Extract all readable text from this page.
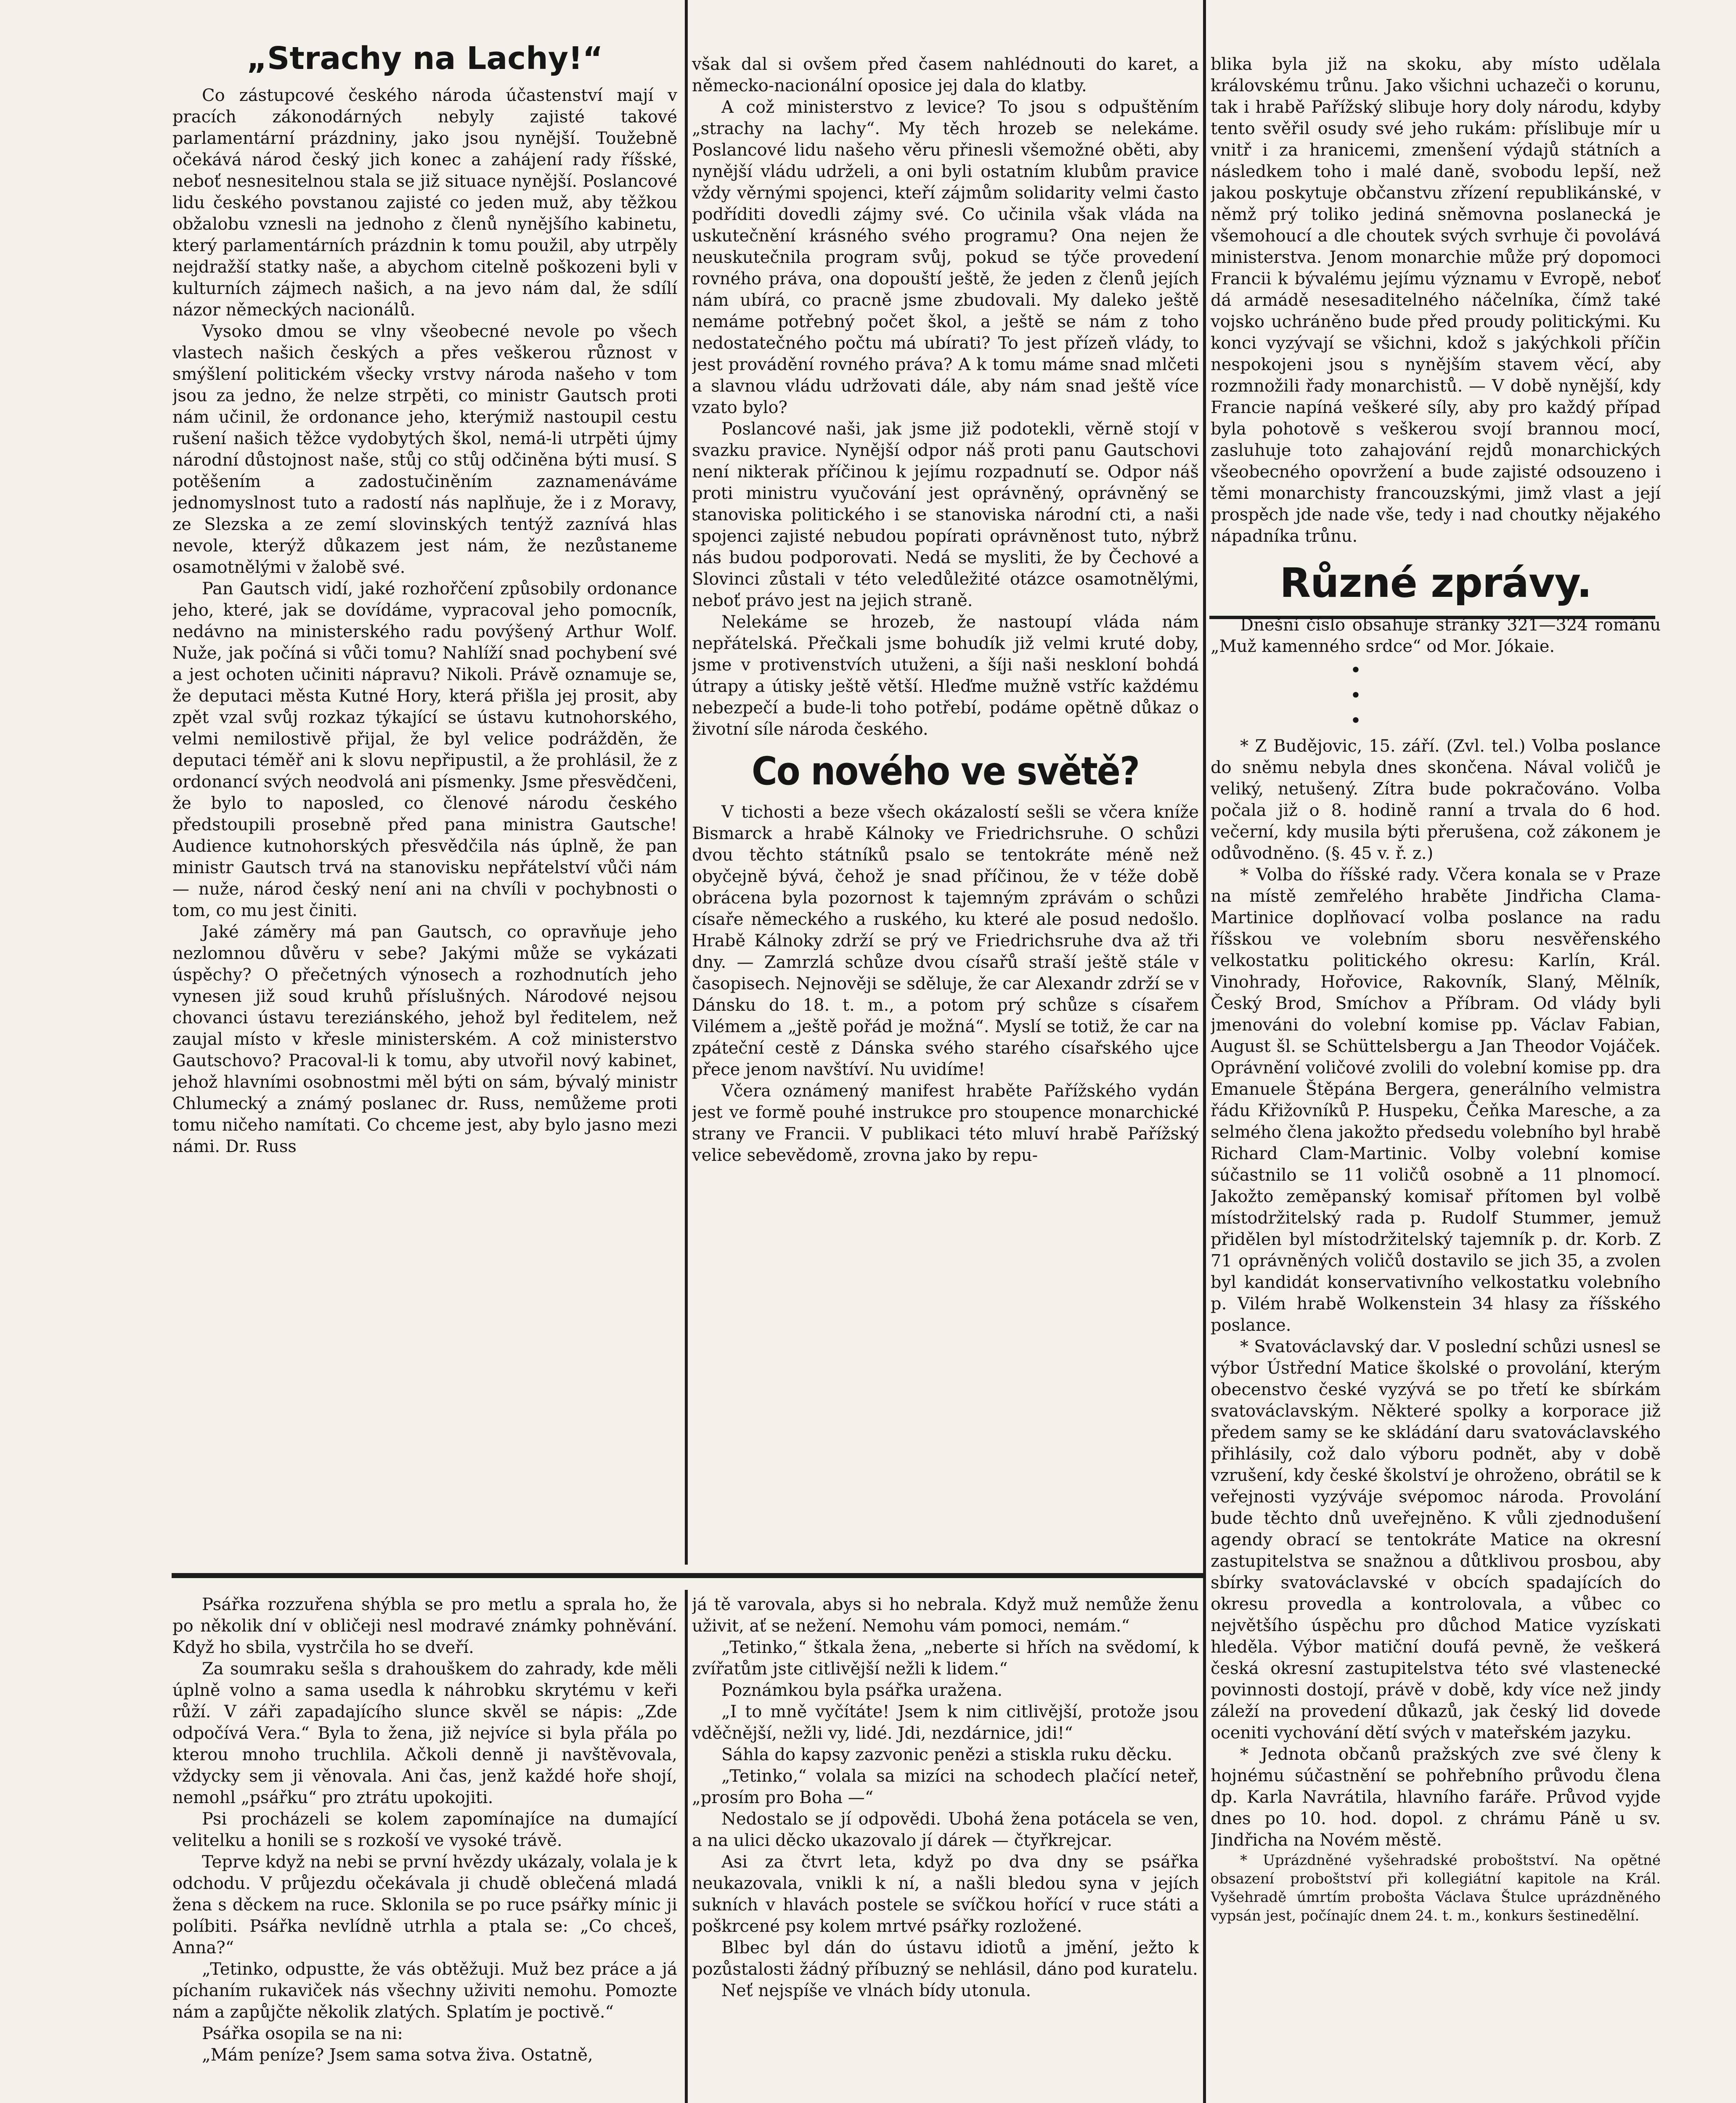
„Strachy na Lachy!“

Co zástupcové českého národa účastenství mají v pracích zákonodárných nebyly zajisté takové parlamentární prázdniny, jako jsou nynější. Toužebně očekává národ český jich konec a zahájení rady říšské, neboť nesnesitelnou stala se již situace nynější. Poslancové lidu českého povstanou zajisté co jeden muž, aby těžkou obžalobu vznesli na jednoho z členů nynějšího kabinetu, který parlamentárních prázdnin k tomu použil, aby utrpěly nejdražší statky naše, a abychom citelně poškozeni byli v kulturních zájmech našich, a na jevo nám dal, že sdílí názor německých nacionálů.

Vysoko dmou se vlny všeobecné nevole po všech vlastech našich českých a přes veškerou různost v smýšlení politickém všecky vrstvy národa našeho v tom jsou za jedno, že nelze strpěti, co ministr Gautsch proti nám učinil, že ordonance jeho, kterýmiž nastoupil cestu rušení našich těžce vydobytých škol, nemá-li utrpěti újmy národní důstojnost naše, stůj co stůj odčiněna býti musí. S potěšením a zadostučiněním zaznamenáváme jednomyslnost tuto a radostí nás naplňuje, že i z Moravy, ze Slezska a ze zemí slovinských tentýž zaznívá hlas nevole, kterýž důkazem jest nám, že nezůstaneme osamotnělými v žalobě své.

Pan Gautsch vidí, jaké rozhořčení způsobily ordonance jeho, které, jak se dovídáme, vypracoval jeho pomocník, nedávno na ministerského radu povýšený Arthur Wolf. Nuže, jak počíná si vůči tomu? Nahlíží snad pochybení své a jest ochoten učiniti nápravu? Nikoli. Právě oznamuje se, že deputaci města Kutné Hory, která přišla jej prosit, aby zpět vzal svůj rozkaz týkající se ústavu kutnohorského, velmi nemilostivě přijal, že byl velice podrážděn, že deputaci téměř ani k slovu nepřipustil, a že prohlásil, že z ordonancí svých neodvolá ani písmenky. Jsme přesvědčeni, že bylo to naposled, co členové národu českého předstoupili prosebně před pana ministra Gautsche! Audience kutnohorských přesvědčila nás úplně, že pan ministr Gautsch trvá na stanovisku nepřátelství vůči nám — nuže, národ český není ani na chvíli v pochybnosti o tom, co mu jest činiti.

Jaké záměry má pan Gautsch, co opravňuje jeho nezlomnou důvěru v sebe? Jakými může se vykázati úspěchy? O přečetných výnosech a rozhodnutích jeho vynesen již soud kruhů příslušných. Národové nejsou chovanci ústavu tereziánského, jehož byl ředitelem, než zaujal místo v křesle ministerském. A což ministerstvo Gautschovo? Pracoval-li k tomu, aby utvořil nový kabinet, jehož hlavními osobnostmi měl býti on sám, bývalý ministr Chlumecký a známý poslanec dr. Russ, nemůžeme proti tomu ničeho namítati. Co chceme jest, aby bylo jasno mezi námi. Dr. Russ

však dal si ovšem před časem nahlédnouti do karet, a německo-nacionální oposice jej dala do klatby.

A což ministerstvo z levice? To jsou s odpuštěním „strachy na lachy“. My těch hrozeb se nelekáme. Poslancové lidu našeho věru přinesli všemožné oběti, aby nynější vládu udrželi, a oni byli ostatním klubům pravice vždy věrnými spojenci, kteří zájmům solidarity velmi často podříditi dovedli zájmy své. Co učinila však vláda na uskutečnění krásného svého programu? Ona nejen že neuskutečnila program svůj, pokud se týče provedení rovného práva, ona dopouští ještě, že jeden z členů jejích nám ubírá, co pracně jsme zbudovali. My daleko ještě nemáme potřebný počet škol, a ještě se nám z toho nedostatečného počtu má ubírati? To jest přízeň vlády, to jest provádění rovného práva? A k tomu máme snad mlčeti a slavnou vládu udržovati dále, aby nám snad ještě více vzato bylo?

Poslancové naši, jak jsme již podotekli, věrně stojí v svazku pravice. Nynější odpor náš proti panu Gautschovi není nikterak příčinou k jejímu rozpadnutí se. Odpor náš proti ministru vyučování jest oprávněný, oprávněný se stanoviska politického i se stanoviska národní cti, a naši spojenci zajisté nebudou popírati oprávněnost tuto, nýbrž nás budou podporovati. Nedá se mysliti, že by Čechové a Slovinci zůstali v této veledůležité otázce osamotnělými, neboť právo jest na jejich straně.

Nelekáme se hrozeb, že nastoupí vláda nám nepřátelská. Přečkali jsme bohudík již velmi kruté doby, jsme v protivenstvích utuženi, a šíji naši neskloní bohdá útrapy a útisky ještě větší. Hleďme mužně vstříc každému nebezpečí a bude-li toho potřebí, podáme opětně důkaz o životní síle národa českého.

Co nového ve světě?

V tichosti a beze všech okázalostí sešli se včera kníže Bismarck a hrabě Kálnoky ve Friedrichsruhe. O schůzi dvou těchto státníků psalo se tentokráte méně než obyčejně bývá, čehož je snad příčinou, že v téže době obrácena byla pozornost k tajemným zprávám o schůzi císaře německého a ruského, ku které ale posud nedošlo. Hrabě Kálnoky zdrží se prý ve Friedrichsruhe dva až tři dny. — Zamrzlá schůze dvou císařů straší ještě stále v časopisech. Nejnověji se sděluje, že car Alexandr zdrží se v Dánsku do 18. t. m., a potom prý schůze s císařem Vilémem a „ještě pořád je možná“. Myslí se totiž, že car na zpáteční cestě z Dánska svého starého císařského ujce přece jenom navštíví. Nu uvidíme!

Včera oznámený manifest hraběte Pařížského vydán jest ve formě pouhé instrukce pro stoupence monarchické strany ve Francii. V publikaci této mluví hrabě Pařížský velice sebevědomě, zrovna jako by repu-

blika byla již na skoku, aby místo udělala královskému trůnu. Jako všichni uchazeči o korunu, tak i hrabě Pařížský slibuje hory doly národu, kdyby tento svěřil osudy své jeho rukám: příslibuje mír u vnitř i za hranicemi, zmenšení výdajů státních a následkem toho i malé daně, svobodu lepší, než jakou poskytuje občanstvu zřízení republikánské, v němž prý toliko jediná sněmovna poslanecká je všemohoucí a dle choutek svých svrhuje či povolává ministerstva. Jenom monarchie může prý dopomoci Francii k bývalému jejímu významu v Evropě, neboť dá armádě nesesaditelného náčelníka, čímž také vojsko uchráněno bude před proudy politickými. Ku konci vyzývají se všichni, kdož s jakýchkoli příčin nespokojeni jsou s nynějším stavem věcí, aby rozmnožili řady monarchistů. — V době nynější, kdy Francie napíná veškeré síly, aby pro každý případ byla pohotově s veškerou svojí brannou mocí, zasluhuje toto zahajování rejdů monarchických všeobecného opovržení a bude zajisté odsouzeno i těmi monarchisty francouzskými, jimž vlast a její prospěch jde nade vše, tedy i nad choutky nějakého nápadníka trůnu.

Různé zprávy.

Dnešní číslo obsahuje stránky 321—324 románu „Muž kamenného srdce“ od Mor. Jókaie.

• • •

* Z Budějovic, 15. září. (Zvl. tel.) Volba poslance do sněmu nebyla dnes skončena. Nával voličů je veliký, netušený. Zítra bude pokračováno. Volba počala již o 8. hodině ranní a trvala do 6 hod. večerní, kdy musila býti přerušena, což zákonem je odůvodněno. (§. 45 v. ř. z.)

* Volba do říšské rady. Včera konala se v Praze na místě zemřelého hraběte Jindřicha Clama-Martinice doplňovací volba poslance na radu říšskou ve volebním sboru nesvěřenského velkostatku politického okresu: Karlín, Král. Vinohrady, Hořovice, Rakovník, Slaný, Mělník, Český Brod, Smíchov a Příbram. Od vlády byli jmenováni do volební komise pp. Václav Fabian, August šl. se Schüttelsbergu a Jan Theodor Vojáček. Oprávnění voličové zvolili do volební komise pp. dra Emanuele Štěpána Bergera, generálního velmistra řádu Křižovníků P. Huspeku, Čeňka Maresche, a za selmého člena jakožto předsedu volebního byl hrabě Richard Clam-Martinic. Volby volební komise súčastnilo se 11 voličů osobně a 11 plnomocí. Jakožto zeměpanský komisař přítomen byl volbě místodržitelský rada p. Rudolf Stummer, jemuž přidělen byl místodržitelský tajemník p. dr. Korb. Z 71 oprávněných voličů dostavilo se jich 35, a zvolen byl kandidát konservativního velkostatku volebního p. Vilém hrabě Wolkenstein 34 hlasy za říšského poslance.

* Svatováclavský dar. V poslední schůzi usnesl se výbor Ústřední Matice školské o provolání, kterým obecenstvo české vyzývá se po třetí ke sbírkám svatováclavským. Některé spolky a korporace již předem samy se ke skládání daru svatováclavského přihlásily, což dalo výboru podnět, aby v době vzrušení, kdy české školství je ohroženo, obrátil se k veřejnosti vyzýváje svépomoc národa. Provolání bude těchto dnů uveřejněno. K vůli zjednodušení agendy obrací se tentokráte Matice na okresní zastupitelstva se snažnou a důtklivou prosbou, aby sbírky svatováclavské v obcích spadajících do okresu provedla a kontrolovala, a vůbec co největšího úspěchu pro důchod Matice vyzískati hleděla. Výbor matiční doufá pevně, že veškerá česká okresní zastupitelstva této své vlastenecké povinnosti dostojí, právě v době, kdy více než jindy záleží na provedení důkazů, jak český lid dovede oceniti vychování dětí svých v mateřském jazyku.

* Jednota občanů pražských zve své členy k hojnému súčastnění se pohřebního průvodu člena dp. Karla Navrátila, hlavního faráře. Průvod vyjde dnes po 10. hod. dopol. z chrámu Páně u sv. Jindřicha na Novém městě.

* Uprázdněné vyšehradské proboštství. Na opětné obsazení proboštství při kollegiátní kapitole na Král. Vyšehradě úmrtím probošta Václava Štulce uprázdněného vypsán jest, počínajíc dnem 24. t. m., konkurs šestinedělní.

Psářka rozzuřena shýbla se pro metlu a sprala ho, že po několik dní v obličeji nesl modravé známky pohněvání. Když ho sbila, vystrčila ho se dveří.

Za soumraku sešla s drahouškem do zahrady, kde měli úplně volno a sama usedla k náhrobku skrytému v keři růží. V záři zapadajícího slunce skvěl se nápis: „Zde odpočívá Vera.“ Byla to žena, již nejvíce si byla přála po kterou mnoho truchlila. Ačkoli denně ji navštěvovala, vždycky sem ji věnovala. Ani čas, jenž každé hoře shojí, nemohl „psářku“ pro ztrátu upokojiti.

Psi procházeli se kolem zapomínajíce na dumající velitelku a honili se s rozkoší ve vysoké trávě.

Teprve když na nebi se první hvězdy ukázaly, volala je k odchodu. V průjezdu očekávala ji chudě oblečená mladá žena s děckem na ruce. Sklonila se po ruce psářky mínic ji políbiti. Psářka nevlídně utrhla a ptala se: „Co chceš, Anna?“

„Tetinko, odpustte, že vás obtěžuji. Muž bez práce a já píchaním rukaviček nás všechny uživiti nemohu. Pomozte nám a zapůjčte několik zlatých. Splatím je poctivě.“

Psářka osopila se na ni:

„Mám peníze? Jsem sama sotva živa. Ostatně,

já tě varovala, abys si ho nebrala. Když muž nemůže ženu uživit, ať se nežení. Nemohu vám pomoci, nemám.“

„Tetinko,“ štkala žena, „neberte si hřích na svědomí, k zvířatům jste citlivější nežli k lidem.“

Poznámkou byla psářka uražena.

„I to mně vyčítáte! Jsem k nim citlivější, protože jsou vděčnější, nežli vy, lidé. Jdi, nezdárnice, jdi!“

Sáhla do kapsy zazvonic penězi a stiskla ruku děcku.

„Tetinko,“ volala sa mizíci na schodech plačící neteř, „prosím pro Boha —“

Nedostalo se jí odpovědi. Ubohá žena potácela se ven, a na ulici děcko ukazovalo jí dárek — čtyřkrejcar.

Asi za čtvrt leta, když po dva dny se psářka neukazovala, vnikli k ní, a našli bledou syna v jejích sukních v hlavách postele se svíčkou hořící v ruce státi a poškrcené psy kolem mrtvé psářky rozložené.

Blbec byl dán do ústavu idiotů a jmění, ježto k pozůstalosti žádný příbuzný se nehlásil, dáno pod kuratelu.

Neť nejspíše ve vlnách bídy utonula.
